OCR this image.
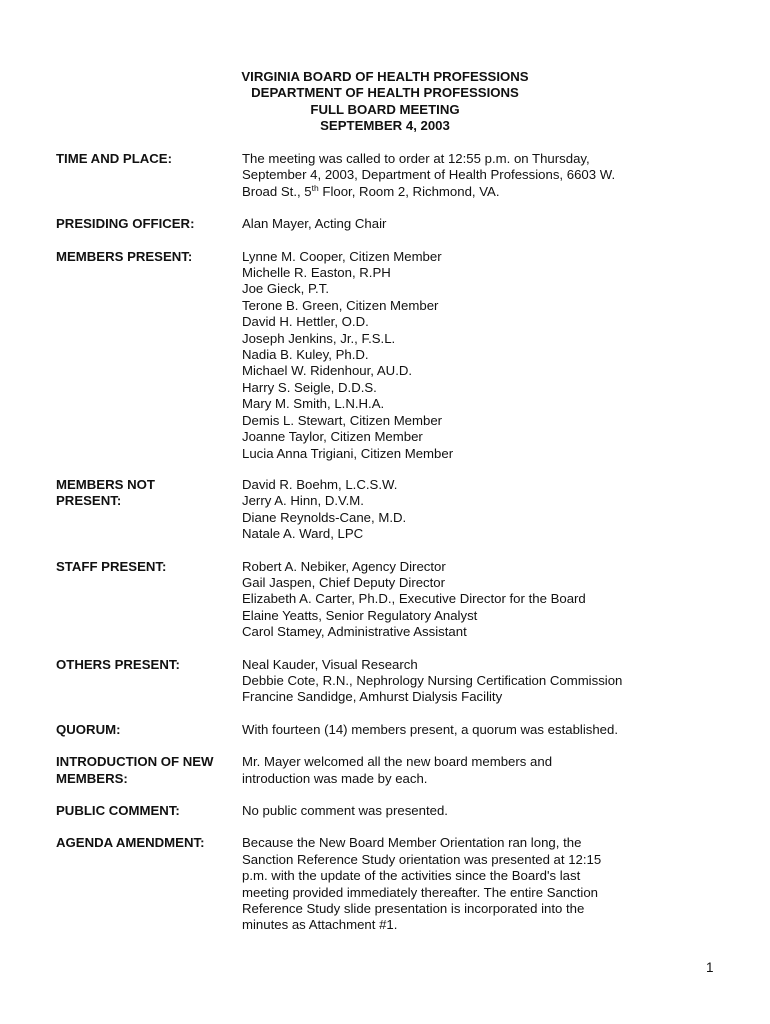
VIRGINIA BOARD OF HEALTH PROFESSIONS
DEPARTMENT OF HEALTH PROFESSIONS
FULL BOARD MEETING
SEPTEMBER 4, 2003
TIME AND PLACE:	The meeting was called to order at 12:55 p.m. on Thursday,
September 4, 2003, Department of Health Professions, 6603 W.
Broad St., 5th Floor, Room 2, Richmond, VA.
PRESIDING OFFICER:	Alan Mayer, Acting Chair
MEMBERS PRESENT:	Lynne M. Cooper, Citizen Member
Michelle R. Easton, R.PH
Joe Gieck, P.T.
Terone B. Green, Citizen Member
David H. Hettler, O.D.
Joseph Jenkins, Jr., F.S.L.
Nadia B. Kuley, Ph.D.
Michael W. Ridenhour, AU.D.
Harry S. Seigle, D.D.S.
Mary M. Smith, L.N.H.A.
Demis L. Stewart, Citizen Member
Joanne Taylor, Citizen Member
Lucia Anna Trigiani, Citizen Member
MEMBERS NOT
PRESENT:
David R. Boehm, L.C.S.W.
Jerry A. Hinn, D.V.M.
Diane Reynolds-Cane, M.D.
Natale A. Ward, LPC
STAFF PRESENT:	Robert A. Nebiker, Agency Director
Gail Jaspen, Chief Deputy Director
Elizabeth A. Carter, Ph.D., Executive Director for the Board
Elaine Yeatts, Senior Regulatory Analyst
Carol Stamey, Administrative Assistant
OTHERS PRESENT:	Neal Kauder, Visual Research
Debbie Cote, R.N., Nephrology Nursing Certification Commission
Francine Sandidge, Amhurst Dialysis Facility
QUORUM:	With fourteen (14) members present, a quorum was established.
INTRODUCTION OF NEW
MEMBERS:
Mr. Mayer welcomed all the new board members and
introduction was made by each.
PUBLIC COMMENT:	No public comment was presented.
AGENDA AMENDMENT:	Because the New Board Member Orientation ran long, the
Sanction Reference Study orientation was presented at 12:15
p.m. with the update of the activities since the Board's last
meeting provided immediately thereafter. The entire Sanction
Reference Study slide presentation is incorporated into the
minutes as Attachment #1.
1
